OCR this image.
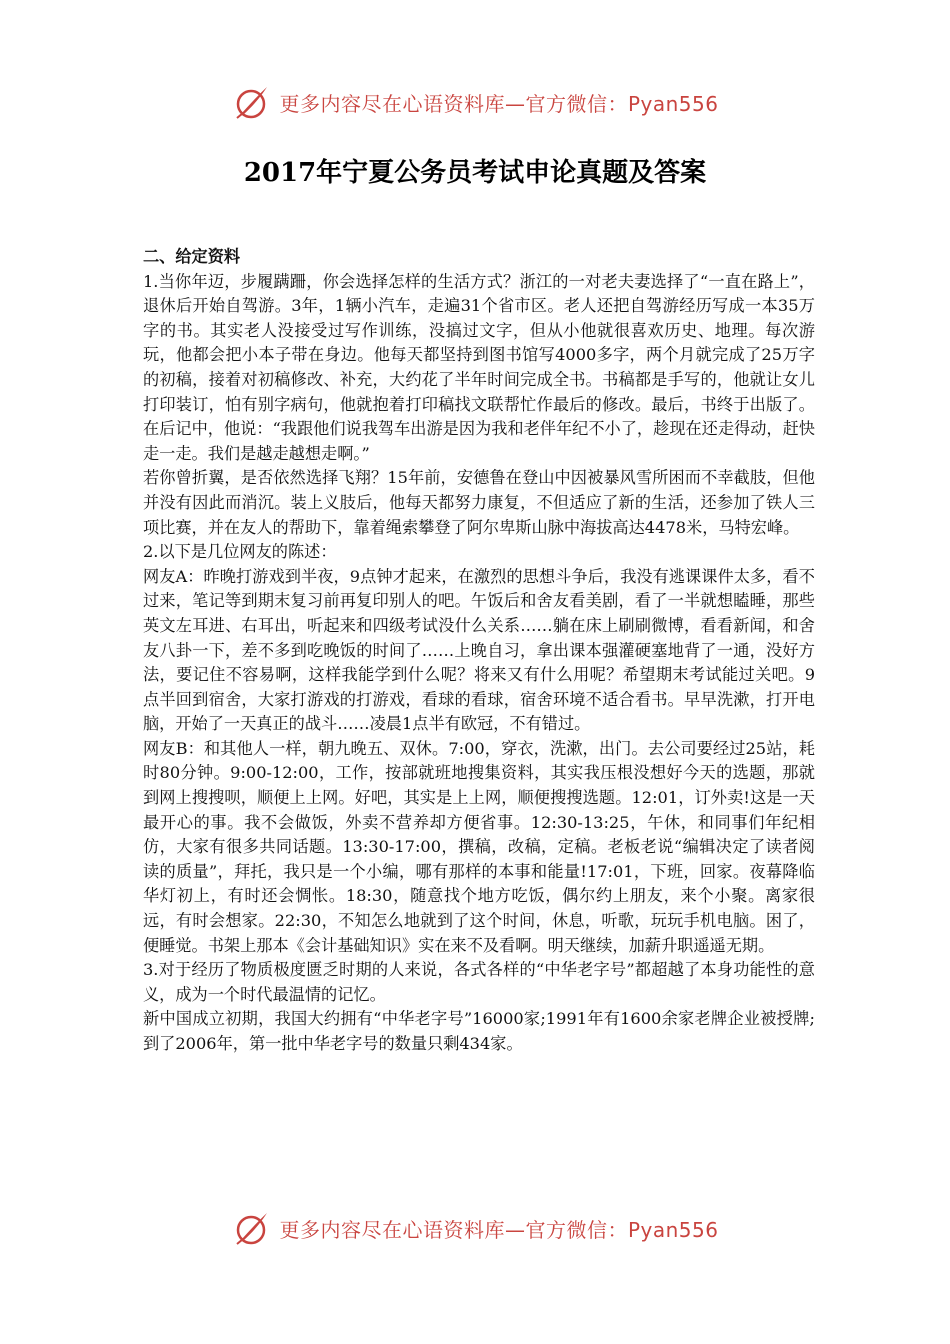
更多内容尽在心语资料库—官方微信：Pyan556
2017年宁夏公务员考试申论真题及答案

二、给定资料

1.当你年迈，步履蹒跚，你会选择怎样的生活方式？浙江的一对老夫妻选择了“一直在路上”，退休后开始自驾游。3年，1辆小汽车，走遍31个省市区。老人还把自驾游经历写成一本35万字的书。其实老人没接受过写作训练，没搞过文字，但从小他就很喜欢历史、地理。每次游玩，他都会把小本子带在身边。他每天都坚持到图书馆写4000多字，两个月就完成了25万字的初稿，接着对初稿修改、补充，大约花了半年时间完成全书。书稿都是手写的，他就让女儿打印装订，怕有别字病句，他就抱着打印稿找文联帮忙作最后的修改。最后，书终于出版了。在后记中，他说：“我跟他们说我驾车出游是因为我和老伴年纪不小了，趁现在还走得动，赶快走一走。我们是越走越想走啊。”

若你曾折翼，是否依然选择飞翔？15年前，安德鲁在登山中因被暴风雪所困而不幸截肢，但他并没有因此而消沉。装上义肢后，他每天都努力康复，不但适应了新的生活，还参加了铁人三项比赛，并在友人的帮助下，靠着绳索攀登了阿尔卑斯山脉中海拔高达4478米，马特宏峰。

2.以下是几位网友的陈述：

网友A：昨晚打游戏到半夜，9点钟才起来，在激烈的思想斗争后，我没有逃课课件太多，看不过来，笔记等到期末复习前再复印别人的吧。午饭后和舍友看美剧，看了一半就想瞌睡，那些英文左耳进、右耳出，听起来和四级考试没什么关系……躺在床上刷刷微博，看看新闻，和舍友八卦一下，差不多到吃晚饭的时间了……上晚自习，拿出课本强灌硬塞地背了一通，没好方法，要记住不容易啊，这样我能学到什么呢？将来又有什么用呢？希望期末考试能过关吧。9点半回到宿舍，大家打游戏的打游戏，看球的看球，宿舍环境不适合看书。早早洗漱，打开电脑，开始了一天真正的战斗……凌晨1点半有欧冠，不有错过。

网友B：和其他人一样，朝九晚五、双休。7:00，穿衣，洗漱，出门。去公司要经过25站，耗时80分钟。9:00-12:00，工作，按部就班地搜集资料，其实我压根没想好今天的选题，那就到网上搜搜呗，顺便上上网。好吧，其实是上上网，顺便搜搜选题。12:01，订外卖!这是一天最开心的事。我不会做饭，外卖不营养却方便省事。12:30-13:25，午休，和同事们年纪相仿，大家有很多共同话题。13:30-17:00，撰稿，改稿，定稿。老板老说“编辑决定了读者阅读的质量”，拜托，我只是一个小编，哪有那样的本事和能量!17:01，下班，回家。夜幕降临华灯初上，有时还会惆怅。18:30，随意找个地方吃饭，偶尔约上朋友，来个小聚。离家很远，有时会想家。22:30，不知怎么地就到了这个时间，休息，听歌，玩玩手机电脑。困了，便睡觉。书架上那本《会计基础知识》实在来不及看啊。明天继续，加薪升职遥遥无期。

3.对于经历了物质极度匮乏时期的人来说，各式各样的“中华老字号”都超越了本身功能性的意义，成为一个时代最温情的记忆。

新中国成立初期，我国大约拥有“中华老字号”16000家;1991年有1600余家老牌企业被授牌;到了2006年，第一批中华老字号的数量只剩434家。

更多内容尽在心语资料库—官方微信：Pyan556
